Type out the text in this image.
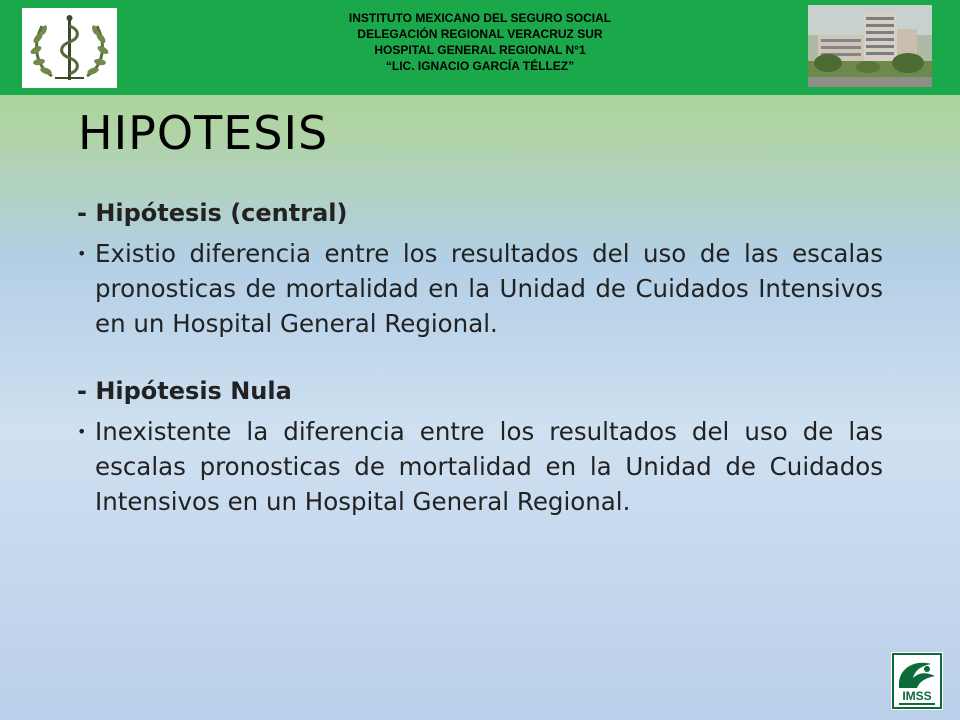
INSTITUTO MEXICANO DEL SEGURO SOCIAL
DELEGACIÓN REGIONAL VERACRUZ SUR
HOSPITAL GENERAL REGIONAL N°1
“LIC. IGNACIO GARCÍA TÉLLEZ”
HIPOTESIS
- Hipótesis (central)
• Existio diferencia entre los resultados del uso de las escalas pronosticas de mortalidad en la Unidad de Cuidados Intensivos en un Hospital General Regional.
- Hipótesis Nula
• Inexistente la diferencia entre los resultados del uso de las escalas pronosticas de mortalidad en la Unidad de Cuidados Intensivos en un Hospital General Regional.
IMSS
